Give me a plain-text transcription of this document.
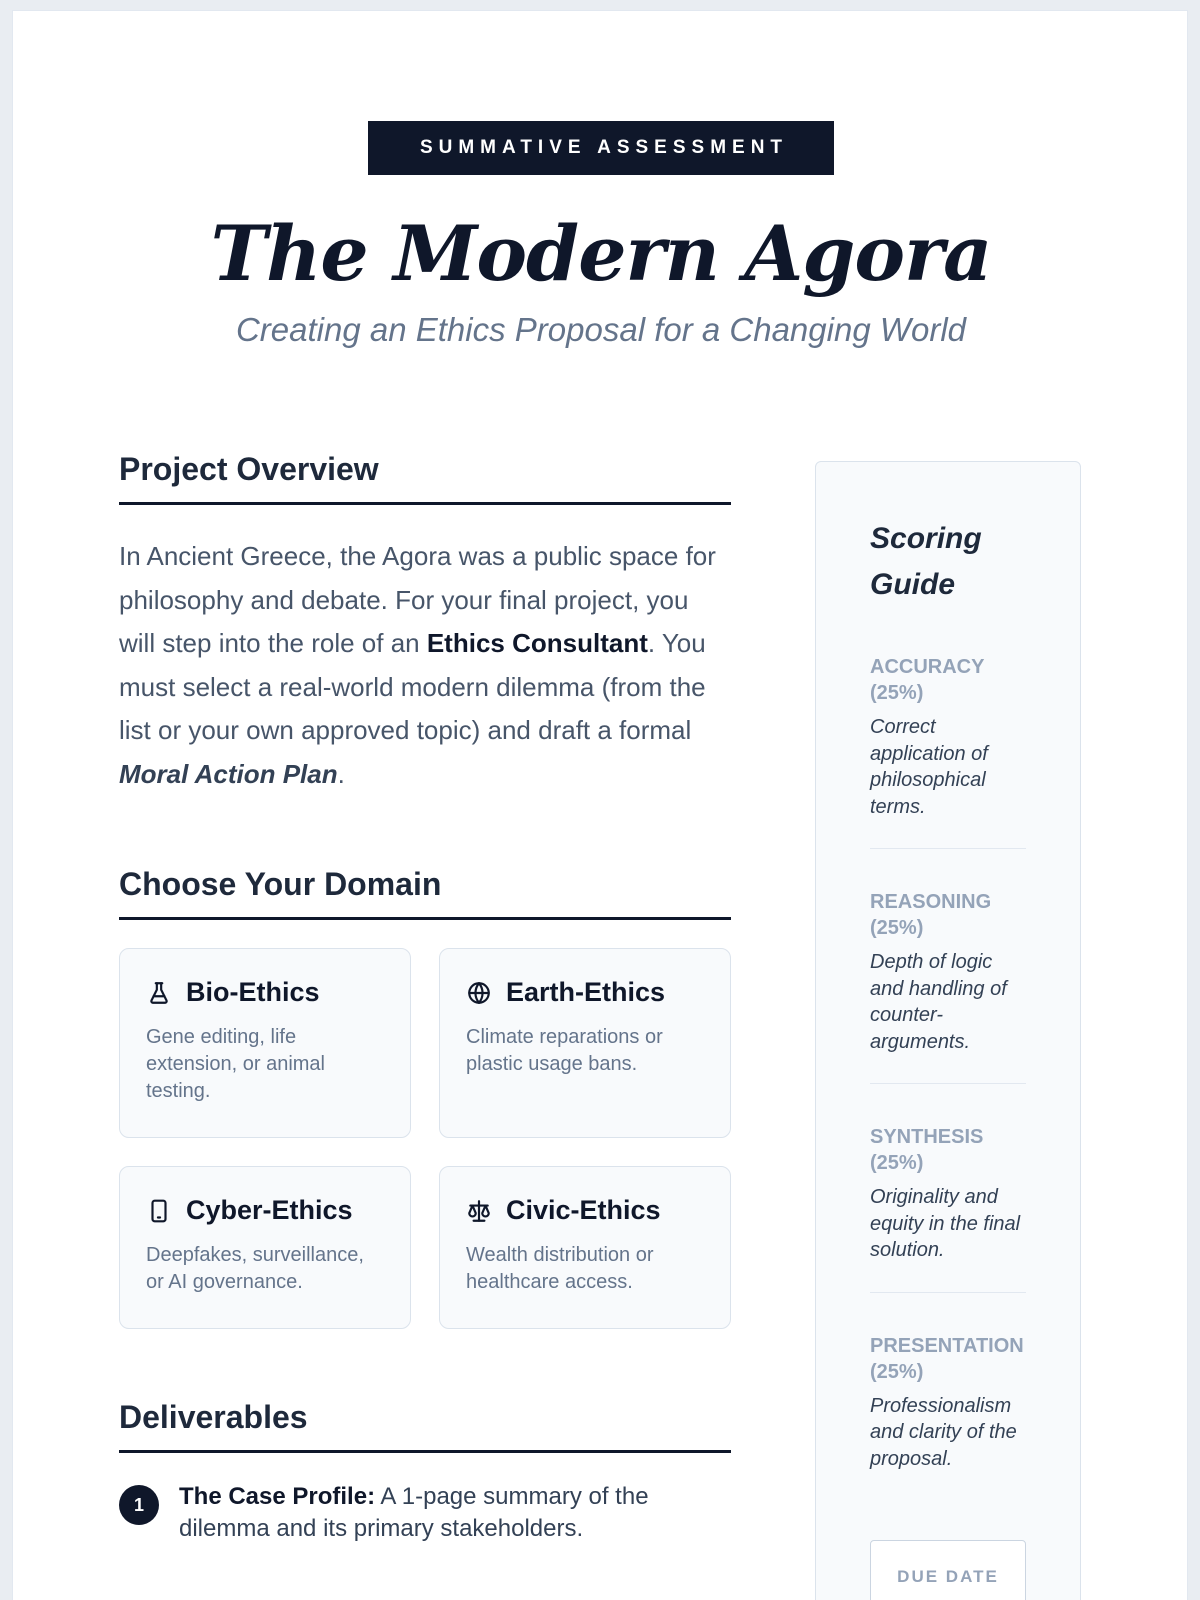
SUMMATIVE ASSESSMENT
The Modern Agora
Creating an Ethics Proposal for a Changing World
Project Overview

In Ancient Greece, the Agora was a public space for philosophy and debate. For your final project, you will step into the role of an Ethics Consultant. You must select a real-world modern dilemma (from the list or your own approved topic) and draft a formal Moral Action Plan.

Choose Your Domain
Bio-Ethics
Gene editing, life extension, or animal testing.
Earth-Ethics
Climate reparations or plastic usage bans.
Cyber-Ethics
Deepfakes, surveillance, or AI governance.
Civic-Ethics
Wealth distribution or healthcare access.
Deliverables
1	The Case Profile: A 1-page summary of the dilemma and its primary stakeholders.

Scoring Guide
ACCURACY (25%)
Correct application of philosophical terms.
REASONING (25%)
Depth of logic and handling of counter-arguments.
SYNTHESIS (25%)
Originality and equity in the final solution.
PRESENTATION (25%)
Professionalism and clarity of the proposal.
DUE DATE
